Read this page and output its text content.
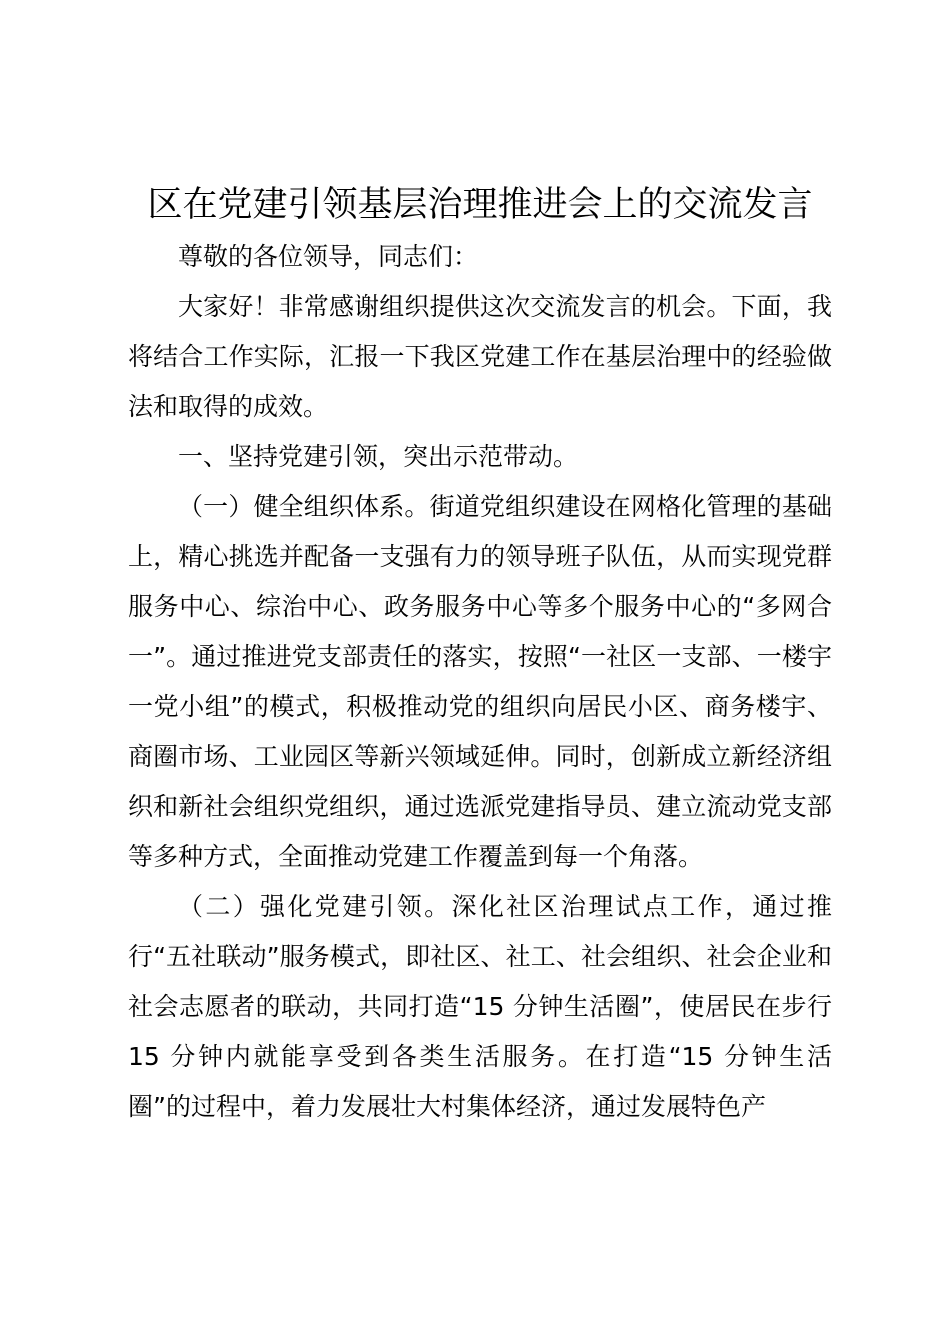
区在党建引领基层治理推进会上的交流发言

尊敬的各位领导，同志们：

大家好！非常感谢组织提供这次交流发言的机会。下面，我将结合工作实际，汇报一下我区党建工作在基层治理中的经验做法和取得的成效。

一、坚持党建引领，突出示范带动。

（一）健全组织体系。街道党组织建设在网格化管理的基础上，精心挑选并配备一支强有力的领导班子队伍，从而实现党群服务中心、综治中心、政务服务中心等多个服务中心的“多网合一”。通过推进党支部责任的落实，按照“一社区一支部、一楼宇一党小组”的模式，积极推动党的组织向居民小区、商务楼宇、商圈市场、工业园区等新兴领域延伸。同时，创新成立新经济组织和新社会组织党组织，通过选派党建指导员、建立流动党支部等多种方式，全面推动党建工作覆盖到每一个角落。

（二）强化党建引领。深化社区治理试点工作，通过推行“五社联动”服务模式，即社区、社工、社会组织、社会企业和社会志愿者的联动，共同打造“15 分钟生活圈”，使居民在步行 15 分钟内就能享受到各类生活服务。在打造“15 分钟生活圈”的过程中，着力发展壮大村集体经济，通过发展特色产
